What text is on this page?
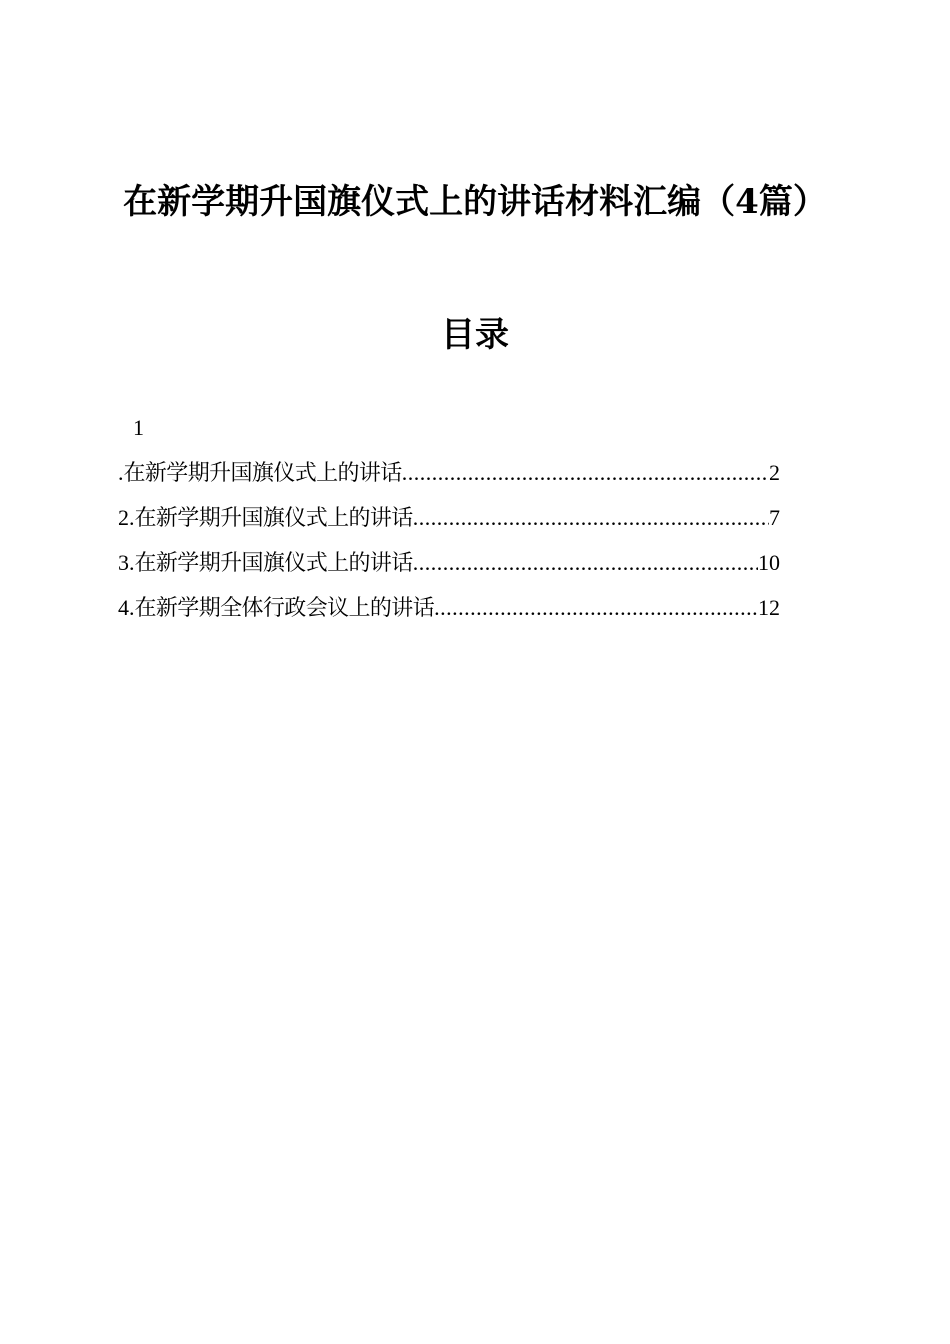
在新学期升国旗仪式上的讲话材料汇编（4篇）
目录
1
. 在新学期升国旗仪式上的讲话 .....	2
2. 在新学期升国旗仪式上的讲话 .....	7
3. 在新学期升国旗仪式上的讲话 .....	10
4. 在新学期全体行政会议上的讲话 .....	12
